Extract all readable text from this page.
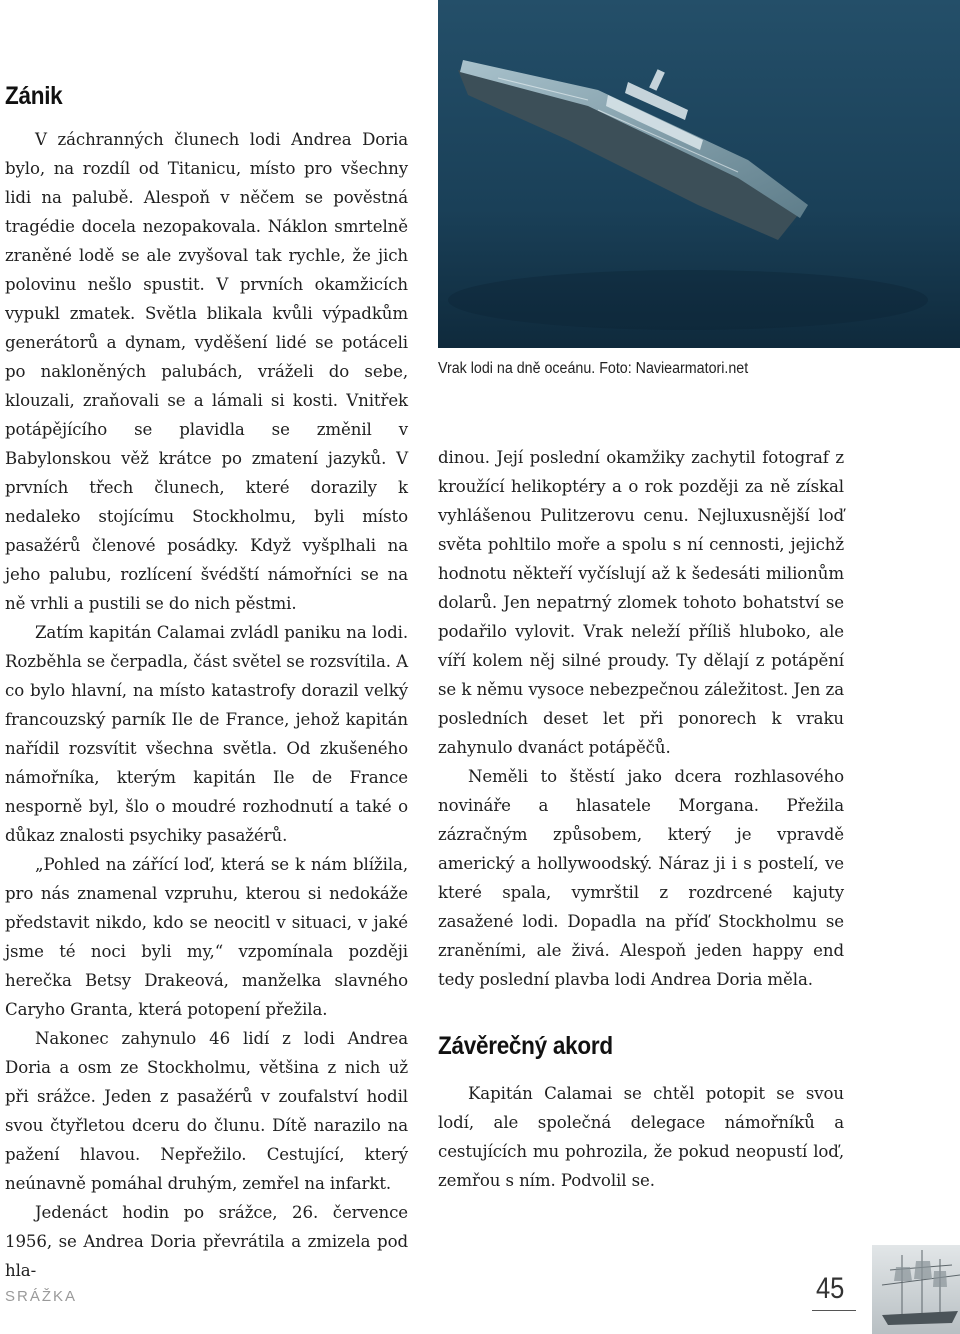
Zánik

V záchranných člunech lodi Andrea Doria bylo, na rozdíl od Titanicu, místo pro všechny lidi na palubě. Alespoň v něčem se pověstná tragédie docela nezopakovala. Náklon smrtelně zraněné lodě se ale zvyšoval tak rychle, že jich polovinu nešlo spustit. V prvních okamžicích vypukl zmatek. Světla blikala kvůli výpadkům generátorů a dynam, vyděšení lidé se potáceli po nakloněných palubách, vráželi do sebe, klouzali, zraňovali se a lámali si kosti. Vnitřek potápějícího se plavidla se změnil v Babylonskou věž krátce po zmatení jazyků. V prvních třech člunech, které dorazily k nedaleko stojícímu Stockholmu, byli místo pasažérů členové posádky. Když vyšplhali na jeho palubu, rozlícení švédští námořníci se na ně vrhli a pustili se do nich pěstmi.

Zatím kapitán Calamai zvládl paniku na lodi. Rozběhla se čerpadla, část světel se rozsvítila. A co bylo hlavní, na místo katastrofy dorazil velký francouzský parník Ile de France, jehož kapitán nařídil rozsvítit všechna světla. Od zkušeného námořníka, kterým kapitán Ile de France nesporně byl, šlo o moudré rozhodnutí a také o důkaz znalosti psychiky pasažérů.

„Pohled na zářící loď, která se k nám blížila, pro nás znamenal vzpruhu, kterou si nedokáže představit nikdo, kdo se neocitl v situaci, v jaké jsme té noci byli my,“ vzpomínala později herečka Betsy Drakeová, manželka slavného Caryho Granta, která potopení přežila.

Nakonec zahynulo 46 lidí z lodi Andrea Doria a osm ze Stockholmu, většina z nich už při srážce. Jeden z pasažérů v zoufalství hodil svou čtyřletou dceru do člunu. Dítě narazilo na pažení hlavou. Nepřežilo. Cestující, který neúnavně pomáhal druhým, zemřel na infarkt.

Jedenáct hodin po srážce, 26. července 1956, se Andrea Doria převrátila a zmizela pod hla-

Vrak lodi na dně oceánu. Foto: Naviearmatori.net

dinou. Její poslední okamžiky zachytil fotograf z kroužící helikoptéry a o rok později za ně získal vyhlášenou Pulitzerovu cenu. Nejluxusnější loď světa pohltilo moře a spolu s ní cennosti, jejichž hodnotu někteří vyčíslují až k šedesáti milionům dolarů. Jen nepatrný zlomek tohoto bohatství se podařilo vylovit. Vrak neleží příliš hluboko, ale víří kolem něj silné proudy. Ty dělají z potápění se k němu vysoce nebezpečnou záležitost. Jen za posledních deset let při ponorech k vraku zahynulo dvanáct potápěčů.

Neměli to štěstí jako dcera rozhlasového novináře a hlasatele Morgana. Přežila zázračným způsobem, který je vpravdě americký a hollywoodský. Náraz ji i s postelí, ve které spala, vymrštil z rozdrcené kajuty zasažené lodi. Dopadla na příď Stockholmu se zraněními, ale živá. Alespoň jeden happy end tedy poslední plavba lodi Andrea Doria měla.

Závěrečný akord

Kapitán Calamai se chtěl potopit se svou lodí, ale společná delegace námořníků a cestujících mu pohrozila, že pokud neopustí loď, zemřou s ním. Podvolil se.

SRÁŽKA	45
